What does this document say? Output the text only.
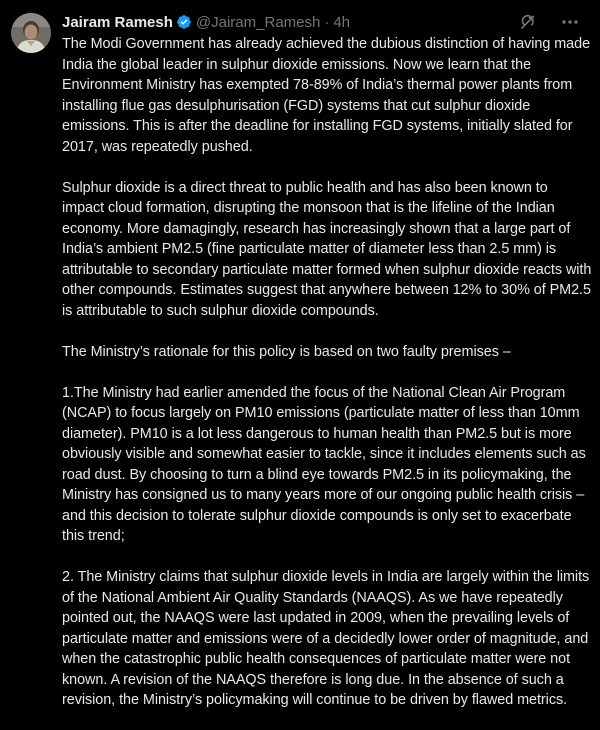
Jairam Ramesh @Jairam_Ramesh · 4h

The Modi Government has already achieved the dubious distinction of having made India the global leader in sulphur dioxide emissions. Now we learn that the Environment Ministry has exempted 78-89% of India’s thermal power plants from installing flue gas desulphurisation (FGD) systems that cut sulphur dioxide emissions. This is after the deadline for installing FGD systems, initially slated for 2017, was repeatedly pushed.

Sulphur dioxide is a direct threat to public health and has also been known to impact cloud formation, disrupting the monsoon that is the lifeline of the Indian economy. More damagingly, research has increasingly shown that a large part of India’s ambient PM2.5 (fine particulate matter of diameter less than 2.5 mm) is attributable to secondary particulate matter formed when sulphur dioxide reacts with other compounds. Estimates suggest that anywhere between 12% to 30% of PM2.5 is attributable to such sulphur dioxide compounds.

The Ministry’s rationale for this policy is based on two faulty premises –

1.The Ministry had earlier amended the focus of the National Clean Air Program (NCAP) to focus largely on PM10 emissions (particulate matter of less than 10mm diameter). PM10 is a lot less dangerous to human health than PM2.5 but is more obviously visible and somewhat easier to tackle, since it includes elements such as road dust. By choosing to turn a blind eye towards PM2.5 in its policymaking, the Ministry has consigned us to many years more of our ongoing public health crisis – and this decision to tolerate sulphur dioxide compounds is only set to exacerbate this trend;

2. The Ministry claims that sulphur dioxide levels in India are largely within the limits of the National Ambient Air Quality Standards (NAAQS). As we have repeatedly pointed out, the NAAQS were last updated in 2009, when the prevailing levels of particulate matter and emissions were of a decidedly lower order of magnitude, and when the catastrophic public health consequences of particulate matter were not known. A revision of the NAAQS therefore is long due. In the absence of such a revision, the Ministry’s policymaking will continue to be driven by flawed metrics.
